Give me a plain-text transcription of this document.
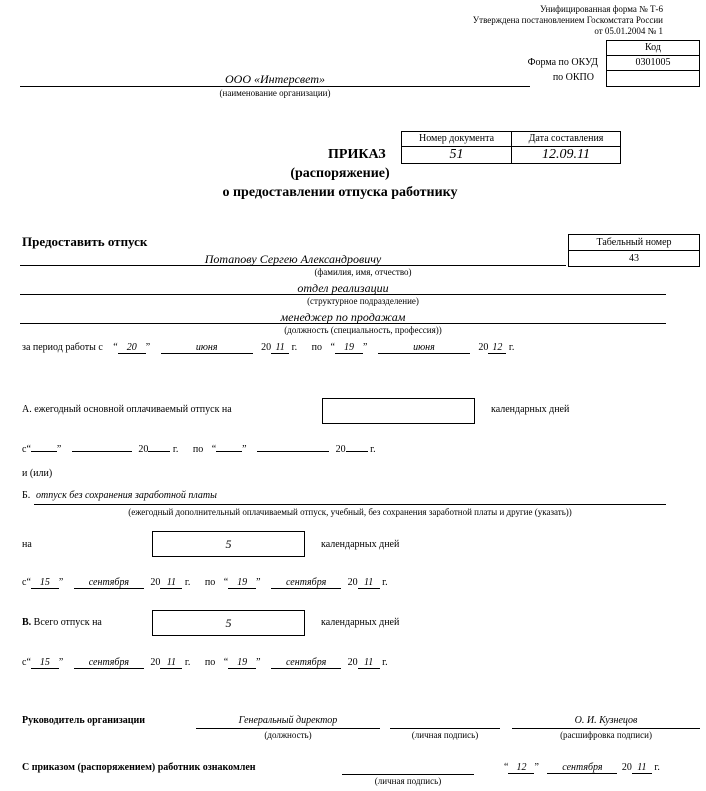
Унифицированная форма № Т-6
Утверждена постановлением Госкомстата России
от 05.01.2004 № 1
Код
0301005
Форма по ОКУД
по ОКПО
ООО «Интерсвет»
(наименование организации)
Номер документа	Дата составления
51	12.09.11
ПРИКАЗ
(распоряжение)
о предоставлении отпуска работнику
Предоставить отпуск	Табельный номер
43
Потапову Сергею Александровичу
(фамилия, имя, отчество)
отдел реализации
(структурное подразделение)
менеджер по продажам
(должность (специальность, профессия))
за период работы с “ 20 ”	июня	20 11 г. по “ 19 ”	июня	20 12 г.
А. ежегодный основной оплачиваемый отпуск на	календарных дней
с“	”	20 г. по “	”	20 г.
и (или)
Б. отпуск без сохранения заработной платы
(ежегодный дополнительный оплачиваемый отпуск, учебный, без сохранения заработной платы и другие (указать))
на	5	календарных дней
с“ 15 ”	сентября 20 11 г. по “ 19 ”	сентября 20 11 г.
В. Всего отпуск на	5	календарных дней
с“ 15 ”	сентября 20 11 г. по “ 19 ”	сентября 20 11 г.
Руководитель организации	Генеральный директор
(должность)	(личная подпись)
О. И. Кузнецов
(расшифровка подписи)
С приказом (распоряжением) работник ознакомлен
(личная подпись)
“ 12 ” сентября 20 11 г.
